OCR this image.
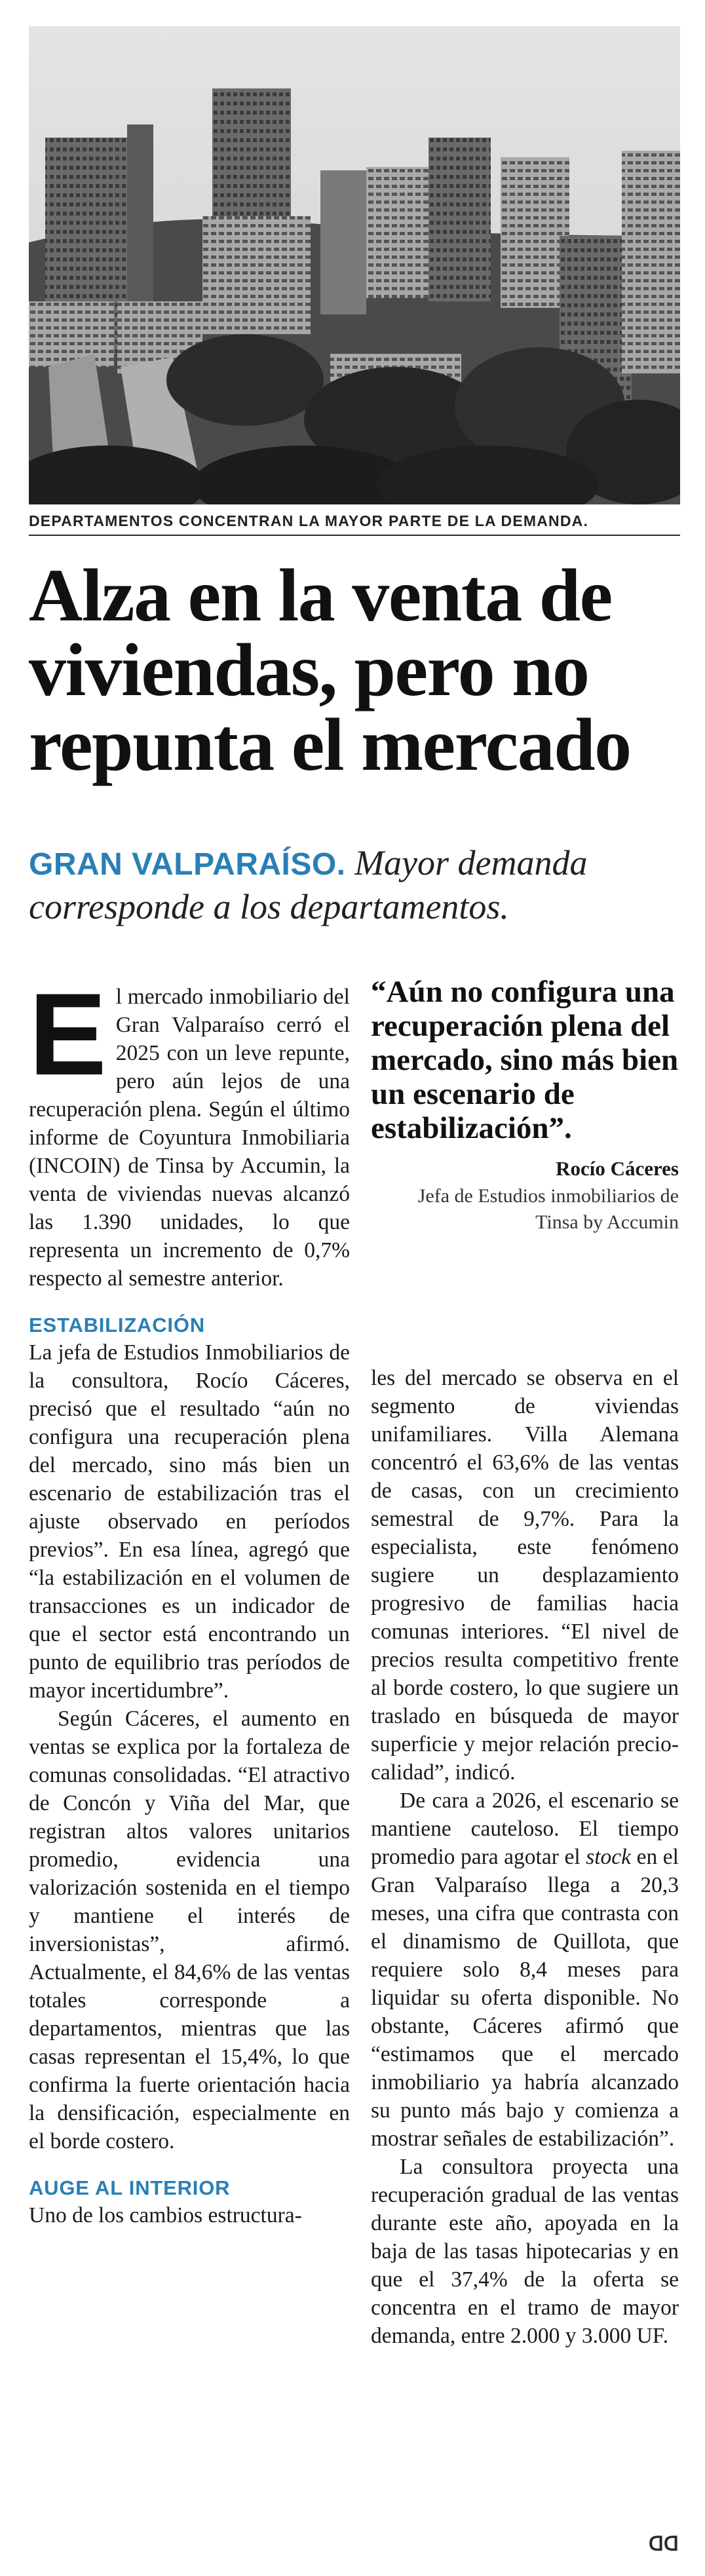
DEPARTAMENTOS CONCENTRAN LA MAYOR PARTE DE LA DEMANDA.
Alza en la venta de
viviendas, pero no
repunta el mercado
GRAN VALPARAÍSO. Mayor demanda
corresponde a los departamentos.
E l mercado inmobiliario del Gran Valparaíso cerró el 2025 con un leve repunte, pero aún lejos de una recuperación plena. Según el último informe de Coyuntura Inmobiliaria (INCOIN) de Tinsa by Accumin, la venta de viviendas nuevas alcanzó las 1.390 unidades, lo que representa un incremento de 0,7% respecto al semestre anterior.

ESTABILIZACIÓN

La jefa de Estudios Inmobiliarios de la consultora, Rocío Cáceres, precisó que el resultado “aún no configura una recuperación plena del mercado, sino más bien un escenario de estabilización tras el ajuste observado en períodos previos”. En esa línea, agregó que “la estabilización en el volumen de transacciones es un indicador de que el sector está encontrando un punto de equilibrio tras períodos de mayor incertidumbre”.

Según Cáceres, el aumento en ventas se explica por la fortaleza de comunas consolidadas. “El atractivo de Concón y Viña del Mar, que registran altos valores unitarios promedio, evidencia una valorización sostenida en el tiempo y mantiene el interés de inversionistas”, afirmó. Actualmente, el 84,6% de las ventas totales corresponde a departamentos, mientras que las casas representan el 15,4%, lo que confirma la fuerte orientación hacia la densificación, especialmente en el borde costero.

AUGE AL INTERIOR

Uno de los cambios estructura-

“Aún no configura una recuperación plena del mercado, sino más bien un escenario de estabilización”.
Rocío Cáceres
Jefa de Estudios inmobiliarios de Tinsa by Accumin

les del mercado se observa en el segmento de viviendas unifamiliares. Villa Alemana concentró el 63,6% de las ventas de casas, con un crecimiento semestral de 9,7%. Para la especialista, este fenómeno sugiere un desplazamiento progresivo de familias hacia comunas interiores. “El nivel de precios resulta competitivo frente al borde costero, lo que sugiere un traslado en búsqueda de mayor superficie y mejor relación precio-calidad”, indicó.

De cara a 2026, el escenario se mantiene cauteloso. El tiempo promedio para agotar el stock en el Gran Valparaíso llega a 20,3 meses, una cifra que contrasta con el dinamismo de Quillota, que requiere solo 8,4 meses para liquidar su oferta disponible. No obstante, Cáceres afirmó que “estimamos que el mercado inmobiliario ya habría alcanzado su punto más bajo y comienza a mostrar señales de estabilización”.

La consultora proyecta una recuperación gradual de las ventas durante este año, apoyada en la baja de las tasas hipotecarias y en que el 37,4% de la oferta se concentra en el tramo de mayor demanda, entre 2.000 y 3.000 UF.

ᗡᗡ
